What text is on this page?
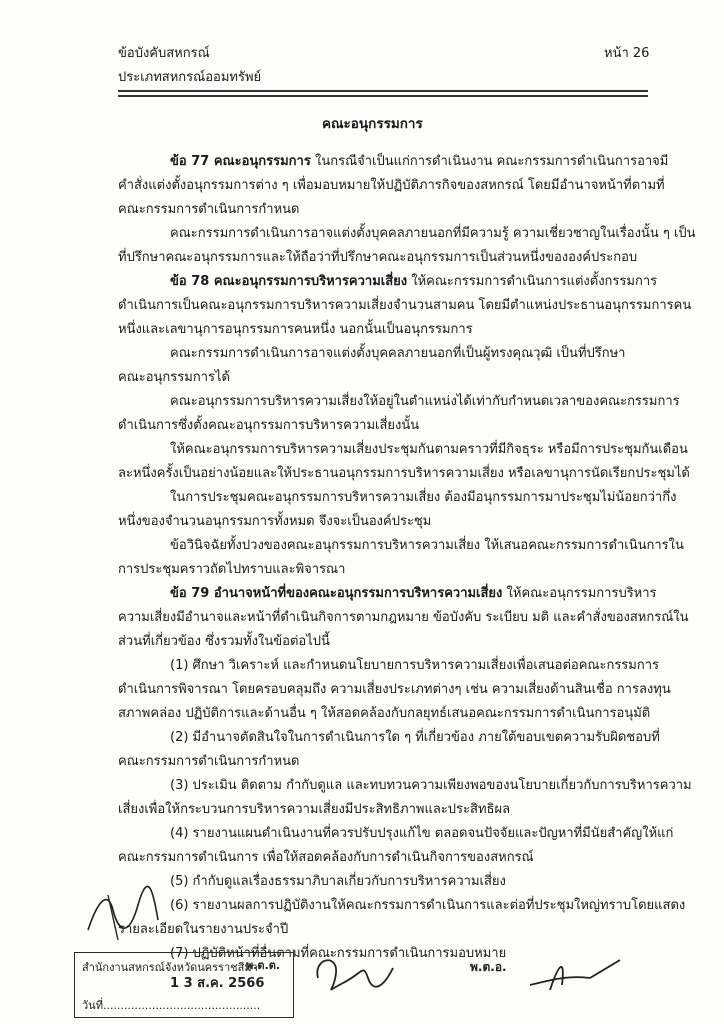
ข้อบังคับสหกรณ์
ประเภทสหกรณ์ออมทรัพย์
หน้า 26
คณะอนุกรรมการ
ข้อ 77 คณะอนุกรรมการ ในกรณีจำเป็นแก่การดำเนินงาน คณะกรรมการดำเนินการอาจมี
คำสั่งแต่งตั้งอนุกรรมการต่าง ๆ เพื่อมอบหมายให้ปฏิบัติภารกิจของสหกรณ์ โดยมีอำนาจหน้าที่ตามที่
คณะกรรมการดำเนินการกำหนด
คณะกรรมการดำเนินการอาจแต่งตั้งบุคคลภายนอกที่มีความรู้ ความเชี่ยวชาญในเรื่องนั้น ๆ เป็น
ที่ปรึกษาคณะอนุกรรมการและให้ถือว่าที่ปรึกษาคณะอนุกรรมการเป็นส่วนหนึ่งขององค์ประกอบ
ข้อ 78 คณะอนุกรรมการบริหารความเสี่ยง ให้คณะกรรมการดำเนินการแต่งตั้งกรรมการ
ดำเนินการเป็นคณะอนุกรรมการบริหารความเสี่ยงจำนวนสามคน โดยมีตำแหน่งประธานอนุกรรมการคน
หนึ่งและเลขานุการอนุกรรมการคนหนึ่ง นอกนั้นเป็นอนุกรรมการ
คณะกรรมการดำเนินการอาจแต่งตั้งบุคคลภายนอกที่เป็นผู้ทรงคุณวุฒิ เป็นที่ปรึกษา
คณะอนุกรรมการได้
คณะอนุกรรมการบริหารความเสี่ยงให้อยู่ในตำแหน่งได้เท่ากับกำหนดเวลาของคณะกรรมการ
ดำเนินการซึ่งตั้งคณะอนุกรรมการบริหารความเสี่ยงนั้น
ให้คณะอนุกรรมการบริหารความเสี่ยงประชุมกันตามคราวที่มีกิจธุระ หรือมีการประชุมกันเดือน
ละหนึ่งครั้งเป็นอย่างน้อยและให้ประธานอนุกรรมการบริหารความเสี่ยง หรือเลขานุการนัดเรียกประชุมได้
ในการประชุมคณะอนุกรรมการบริหารความเสี่ยง ต้องมีอนุกรรมการมาประชุมไม่น้อยกว่ากึ่ง
หนึ่งของจำนวนอนุกรรมการทั้งหมด จึงจะเป็นองค์ประชุม
ข้อวินิจฉัยทั้งปวงของคณะอนุกรรมการบริหารความเสี่ยง ให้เสนอคณะกรรมการดำเนินการใน
การประชุมคราวถัดไปทราบและพิจารณา
ข้อ 79 อำนาจหน้าที่ของคณะอนุกรรมการบริหารความเสี่ยง ให้คณะอนุกรรมการบริหาร
ความเสี่ยงมีอำนาจและหน้าที่ดำเนินกิจการตามกฎหมาย ข้อบังคับ ระเบียบ มติ และคำสั่งของสหกรณ์ใน
ส่วนที่เกี่ยวข้อง ซึ่งรวมทั้งในข้อต่อไปนี้
(1) ศึกษา วิเคราะห์ และกำหนดนโยบายการบริหารความเสี่ยงเพื่อเสนอต่อคณะกรรมการ
ดำเนินการพิจารณา โดยครอบคลุมถึง ความเสี่ยงประเภทต่างๆ เช่น ความเสี่ยงด้านสินเชื่อ การลงทุน
สภาพคล่อง ปฏิบัติการและด้านอื่น ๆ ให้สอดคล้องกับกลยุทธ์เสนอคณะกรรมการดำเนินการอนุมัติ
(2) มีอำนาจตัดสินใจในการดำเนินการใด ๆ ที่เกี่ยวข้อง ภายใต้ขอบเขตความรับผิดชอบที่
คณะกรรมการดำเนินการกำหนด
(3) ประเมิน ติดตาม กำกับดูแล และทบทวนความเพียงพอของนโยบายเกี่ยวกับการบริหารความ
เสี่ยงเพื่อให้กระบวนการบริหารความเสี่ยงมีประสิทธิภาพและประสิทธิผล
(4) รายงานแผนดำเนินงานที่ควรปรับปรุงแก้ไข ตลอดจนปัจจัยและปัญหาที่มีนัยสำคัญให้แก่
คณะกรรมการดำเนินการ เพื่อให้สอดคล้องกับการดำเนินกิจการของสหกรณ์
(5) กำกับดูแลเรื่องธรรมาภิบาลเกี่ยวกับการบริหารความเสี่ยง
(6) รายงานผลการปฏิบัติงานให้คณะกรรมการดำเนินการและต่อที่ประชุมใหญ่ทราบโดยแสดง
รายละเอียดในรายงานประจำปี
(7) ปฏิบัติหน้าที่อื่นตามที่คณะกรรมการดำเนินการมอบหมาย
สำนักงานสหกรณ์จังหวัดนครราชสีมา
1 3 ส.ค. 2566
วันที่.............................................
พ.ต.ต.	พ.ต.อ.
